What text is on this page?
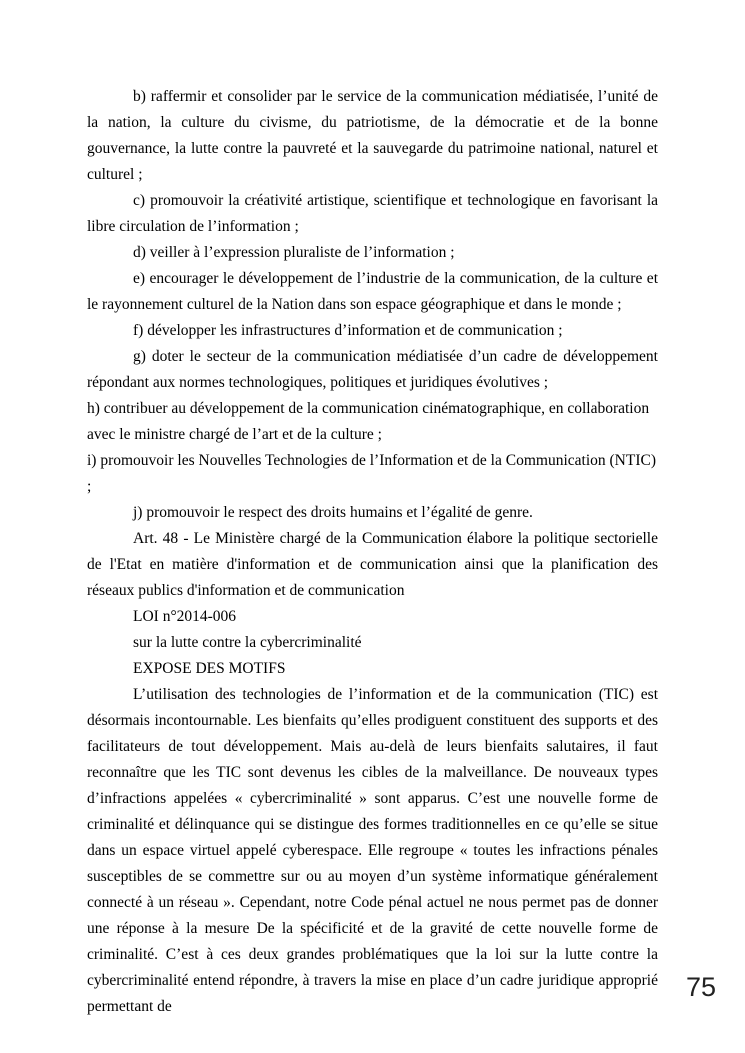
b) raffermir et consolider par le service de la communication médiatisée, l’unité de la nation, la culture du civisme, du patriotisme, de la démocratie et de la bonne gouvernance, la lutte contre la pauvreté et la sauvegarde du patrimoine national, naturel et culturel ;

c) promouvoir la créativité artistique, scientifique et technologique en favorisant la libre circulation de l’information ;

d) veiller à l’expression pluraliste de l’information ;

e) encourager le développement de l’industrie de la communication, de la culture et le rayonnement culturel de la Nation dans son espace géographique et dans le monde ;

f) développer les infrastructures d’information et de communication ;

g) doter le secteur de la communication médiatisée d’un cadre de développement répondant aux normes technologiques, politiques et juridiques évolutives ;

h) contribuer au développement de la communication cinématographique, en collaboration avec le ministre chargé de l’art et de la culture ;

i) promouvoir les Nouvelles Technologies de l’Information et de la Communication (NTIC) ;

j) promouvoir le respect des droits humains et l’égalité de genre.

Art. 48 - Le Ministère chargé de la Communication élabore la politique sectorielle de l'Etat en matière d'information et de communication ainsi que la planification des réseaux publics d'information et de communication

LOI n°2014-006

sur la lutte contre la cybercriminalité

EXPOSE DES MOTIFS

L’utilisation des technologies de l’information et de la communication (TIC) est désormais incontournable. Les bienfaits qu’elles prodiguent constituent des supports et des facilitateurs de tout développement. Mais au-delà de leurs bienfaits salutaires, il faut reconnaître que les TIC sont devenus les cibles de la malveillance. De nouveaux types d’infractions appelées « cybercriminalité » sont apparus. C’est une nouvelle forme de criminalité et délinquance qui se distingue des formes traditionnelles en ce qu’elle se situe dans un espace virtuel appelé cyberespace. Elle regroupe « toutes les infractions pénales susceptibles de se commettre sur ou au moyen d’un système informatique généralement connecté à un réseau ». Cependant, notre Code pénal actuel ne nous permet pas de donner une réponse à la mesure De la spécificité et de la gravité de cette nouvelle forme de criminalité. C’est à ces deux grandes problématiques que la loi sur la lutte contre la cybercriminalité entend répondre, à travers la mise en place d’un cadre juridique approprié permettant de

75
